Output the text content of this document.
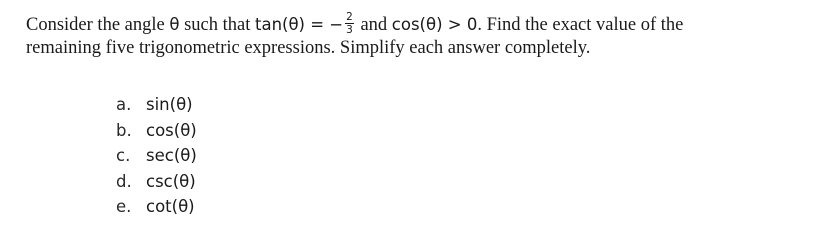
Consider the angle θ such that tan(θ) = − $\frac{2}{3}$ and cos(θ) > 0. Find the exact value of the
remaining five trigonometric expressions. Simplify each answer completely.
a. sin(θ)
b. cos(θ)
c. sec(θ)
d. csc(θ)
e. cot(θ)
